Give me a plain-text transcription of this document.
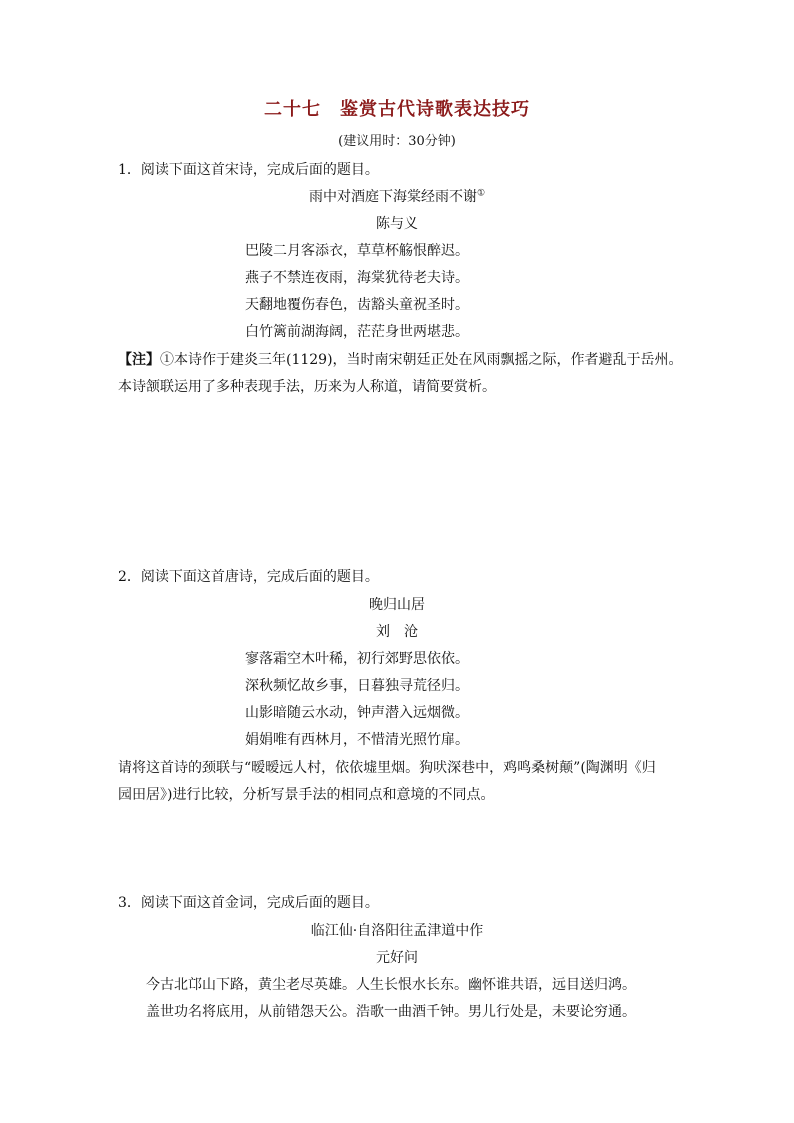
二十七　鉴赏古代诗歌表达技巧
(建议用时：30分钟)
1．阅读下面这首宋诗，完成后面的题目。
雨中对酒庭下海棠经雨不谢①
陈与义
巴陵二月客添衣，草草杯觞恨醉迟。
燕子不禁连夜雨，海棠犹待老夫诗。
天翻地覆伤春色，齿豁头童祝圣时。
白竹篱前湖海阔，茫茫身世两堪悲。
【注】①本诗作于建炎三年(1129)，当时南宋朝廷正处在风雨飘摇之际，作者避乱于岳州。
本诗颔联运用了多种表现手法，历来为人称道，请简要赏析。
2．阅读下面这首唐诗，完成后面的题目。
晚归山居
刘　沧
寥落霜空木叶稀，初行郊野思依依。
深秋频忆故乡事，日暮独寻荒径归。
山影暗随云水动，钟声潜入远烟微。
娟娟唯有西林月，不惜清光照竹扉。
请将这首诗的颈联与“暧暧远人村，依依墟里烟。狗吠深巷中，鸡鸣桑树颠”(陶渊明《归
园田居》)进行比较，分析写景手法的相同点和意境的不同点。
3．阅读下面这首金词，完成后面的题目。
临江仙·自洛阳往孟津道中作
元好问
今古北邙山下路，黄尘老尽英雄。人生长恨水长东。幽怀谁共语，远目送归鸿。
盖世功名将底用，从前错怨天公。浩歌一曲酒千钟。男儿行处是，未要论穷通。
